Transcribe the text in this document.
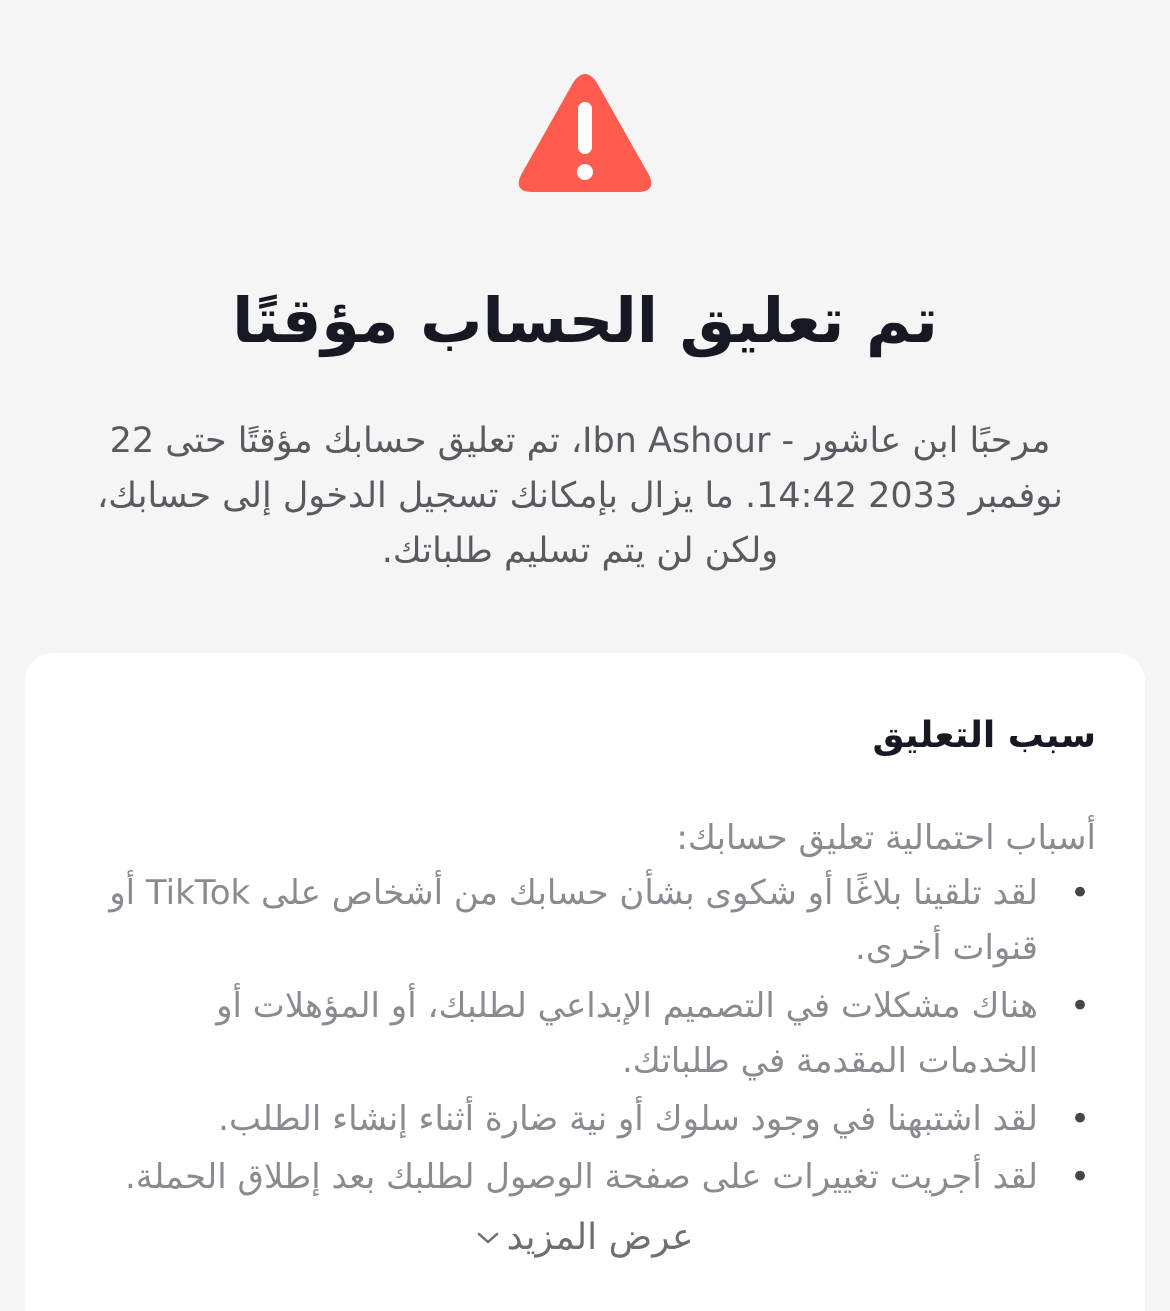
تم تعليق الحساب مؤقتًا

مرحبًا ابن عاشور - Ibn Ashour، تم تعليق حسابك مؤقتًا حتى 22 نوفمبر 2033 14:42. ما يزال بإمكانك تسجيل الدخول إلى حسابك، ولكن لن يتم تسليم طلباتك.

سبب التعليق

أسباب احتمالية تعليق حسابك:

•
لقد تلقينا بلاغًا أو شكوى بشأن حسابك من أشخاص على TikTok أو قنوات أخرى.
•
هناك مشكلات في التصميم الإبداعي لطلبك، أو المؤهلات أو الخدمات المقدمة في طلباتك.
•
لقد اشتبهنا في وجود سلوك أو نية ضارة أثناء إنشاء الطلب.
•
لقد أجريت تغييرات على صفحة الوصول لطلبك بعد إطلاق الحملة.
عرض المزيد
